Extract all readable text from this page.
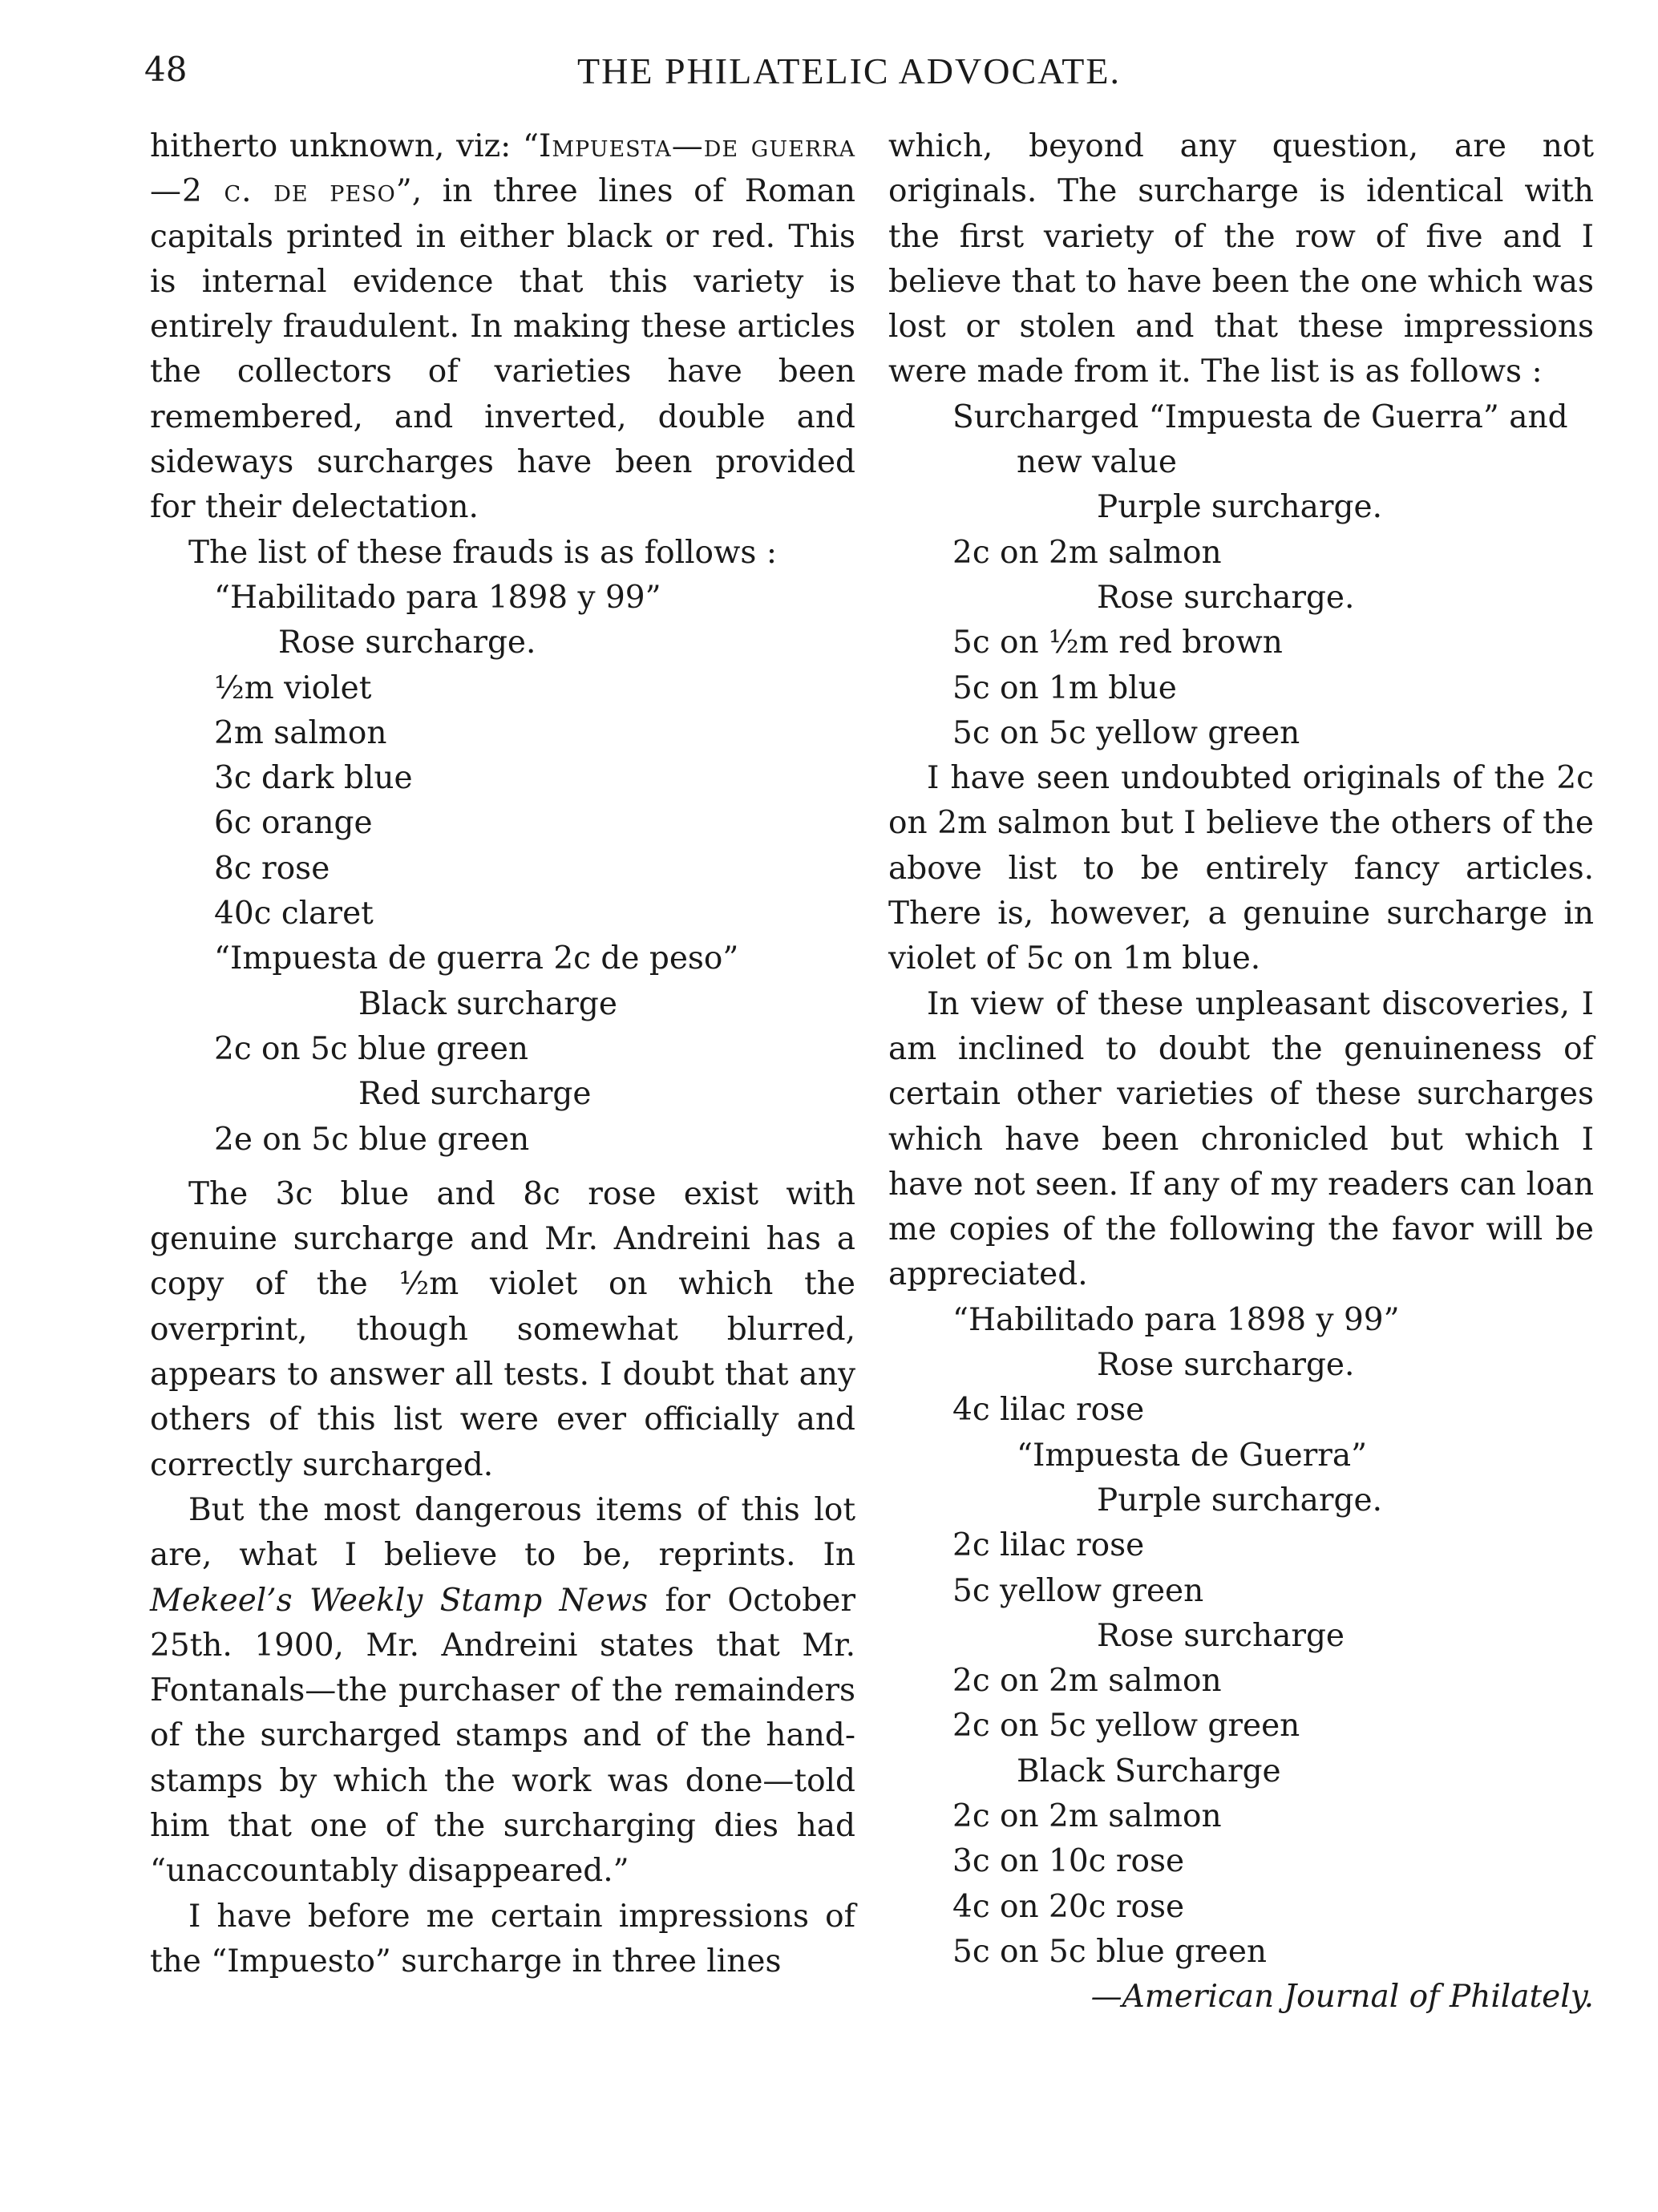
48	THE PHILATELIC ADVOCATE.

hitherto unknown, viz: “Impuesta—de guerra—2 c. de peso”, in three lines of Roman capitals printed in either black or red. This is internal evidence that this variety is entirely fraudulent. In making these articles the collectors of varieties have been remembered, and inverted, double and sideways surcharges have been provided for their delectation.

The list of these frauds is as follows :

“Habilitado para 1898 y 99”

Rose surcharge.

½m violet

2m salmon

3c dark blue

6c orange

8c rose

40c claret

“Impuesta de guerra 2c de peso”

Black surcharge

2c on 5c blue green

Red surcharge

2e on 5c blue green

The 3c blue and 8c rose exist with genuine surcharge and Mr. Andreini has a copy of the ½m violet on which the overprint, though somewhat blurred, appears to answer all tests. I doubt that any others of this list were ever officially and correctly surcharged.

But the most dangerous items of this lot are, what I believe to be, reprints. In Mekeel’s Weekly Stamp News for October 25th. 1900, Mr. Andreini states that Mr. Fontanals—the purchaser of the remainders of the surcharged stamps and of the hand-stamps by which the work was done—told him that one of the surcharging dies had “unaccountably disappeared.”

I have before me certain impressions of the “Impuesto” surcharge in three lines

which, beyond any question, are not originals. The surcharge is identical with the first variety of the row of five and I believe that to have been the one which was lost or stolen and that these impressions were made from it. The list is as follows :

Surcharged “Impuesta de Guerra” and

new value

Purple surcharge.

2c on 2m salmon

Rose surcharge.

5c on ½m red brown

5c on 1m blue

5c on 5c yellow green

I have seen undoubted originals of the 2c on 2m salmon but I believe the others of the above list to be entirely fancy articles. There is, however, a genuine surcharge in violet of 5c on 1m blue.

In view of these unpleasant discoveries, I am inclined to doubt the genuineness of certain other varieties of these surcharges which have been chronicled but which I have not seen. If any of my readers can loan me copies of the following the favor will be appreciated.

“Habilitado para 1898 y 99”

Rose surcharge.

4c lilac rose

“Impuesta de Guerra”

Purple surcharge.

2c lilac rose

5c yellow green

Rose surcharge

2c on 2m salmon

2c on 5c yellow green

Black Surcharge

2c on 2m salmon

3c on 10c rose

4c on 20c rose

5c on 5c blue green

—American Journal of Philately.
